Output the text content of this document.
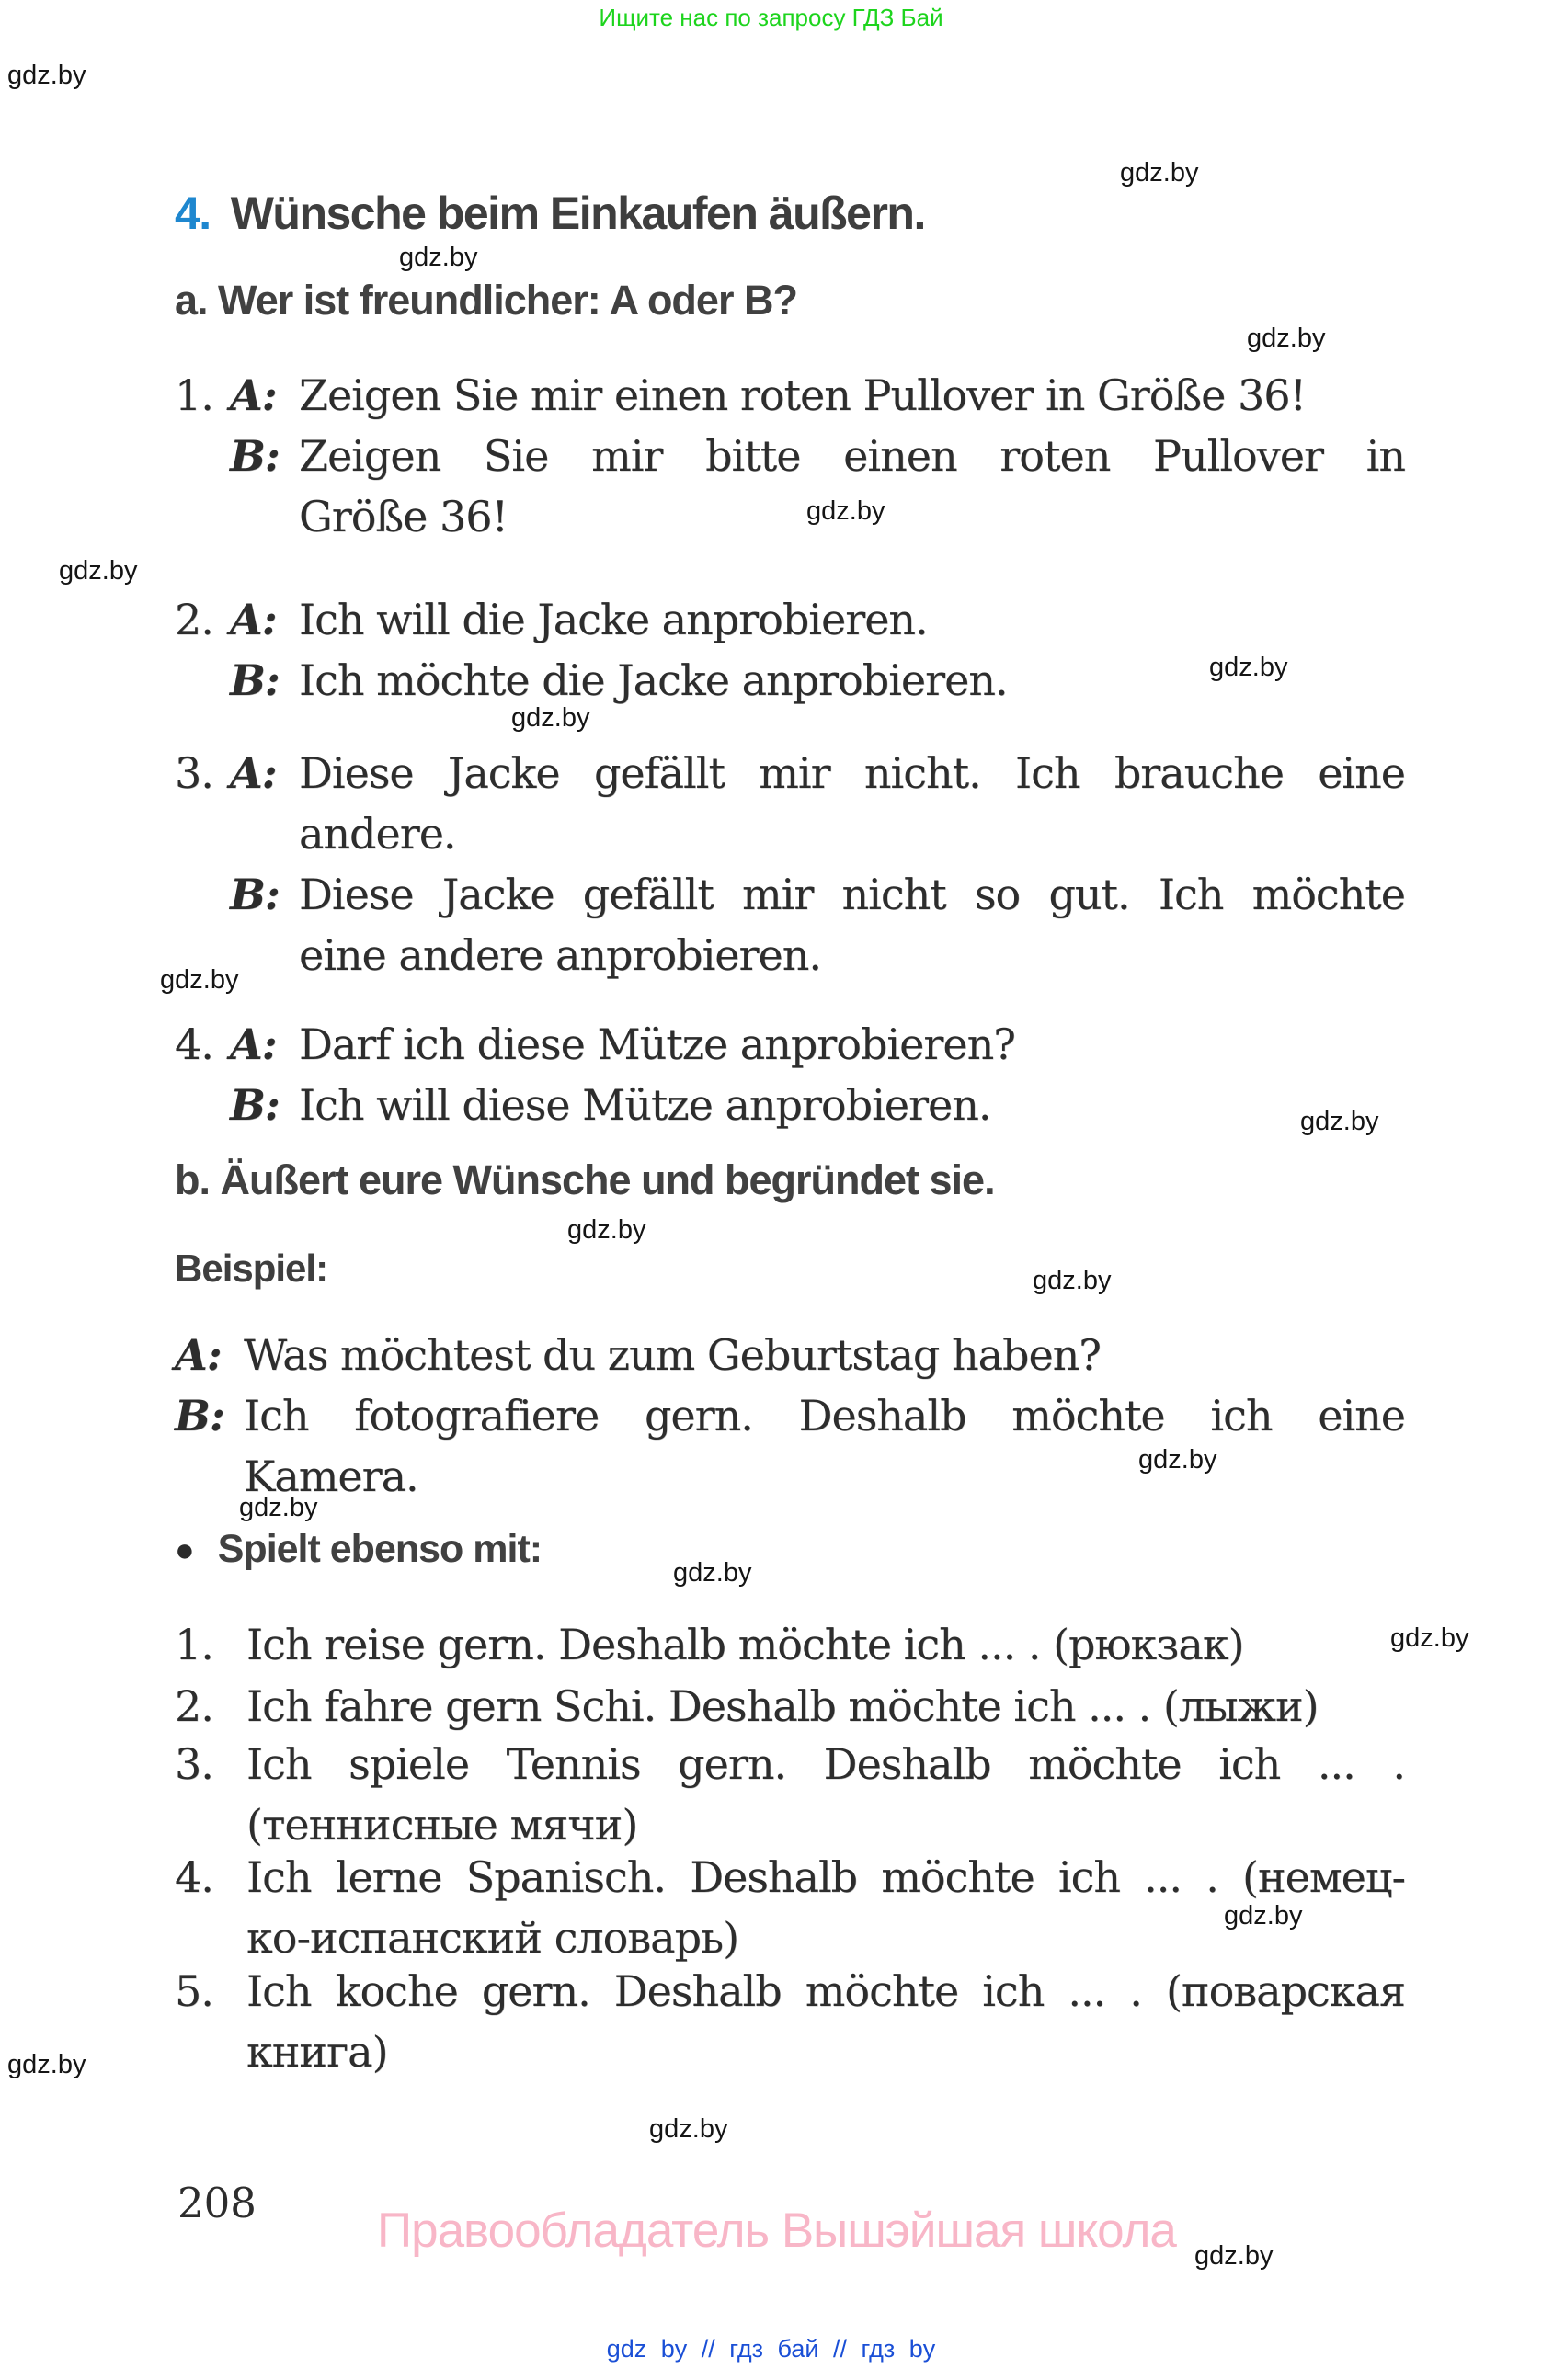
Ищите нас по запросу ГДЗ Бай
gdz.by
gdz.by
gdz.by
gdz.by
gdz.by
gdz.by
gdz.by
gdz.by
gdz.by
gdz.by
gdz.by
gdz.by
gdz.by
gdz.by
gdz.by
gdz.by
gdz.by
gdz.by
gdz.by
gdz.by
4. Wünsche beim Einkaufen äußern.
a. Wer ist freundlicher: A oder B?
1. A: Zeigen Sie mir einen roten Pullover in Größe 36!
B: Zeigen Sie mir bitte einen roten Pullover in
Größe 36!
2. A: Ich will die Jacke anprobieren.
B: Ich möchte die Jacke anprobieren.
3. A: Diese Jacke gefällt mir nicht. Ich brauche eine
andere.
B: Diese Jacke gefällt mir nicht so gut. Ich möchte
eine andere anprobieren.
4. A: Darf ich diese Mütze anprobieren?
B: Ich will diese Mütze anprobieren.
b. Äußert eure Wünsche und begründet sie.
Beispiel:
A: Was möchtest du zum Geburtstag haben?
B: Ich fotografiere gern. Deshalb möchte ich eine
Kamera.
● Spielt ebenso mit:
1. Ich reise gern. Deshalb möchte ich ... . (рюкзак)
2. Ich fahre gern Schi. Deshalb möchte ich ... . (лыжи)
3. Ich spiele Tennis gern. Deshalb möchte ich ... .
(теннисные мячи)
4. Ich lerne Spanisch. Deshalb möchte ich ... . (немец-
ко-испанский словарь)
5. Ich koche gern. Deshalb möchte ich ... . (поварская
книга)
208
Правообладатель Вышэйшая школа
gdz by // гдз бай // гдз by
